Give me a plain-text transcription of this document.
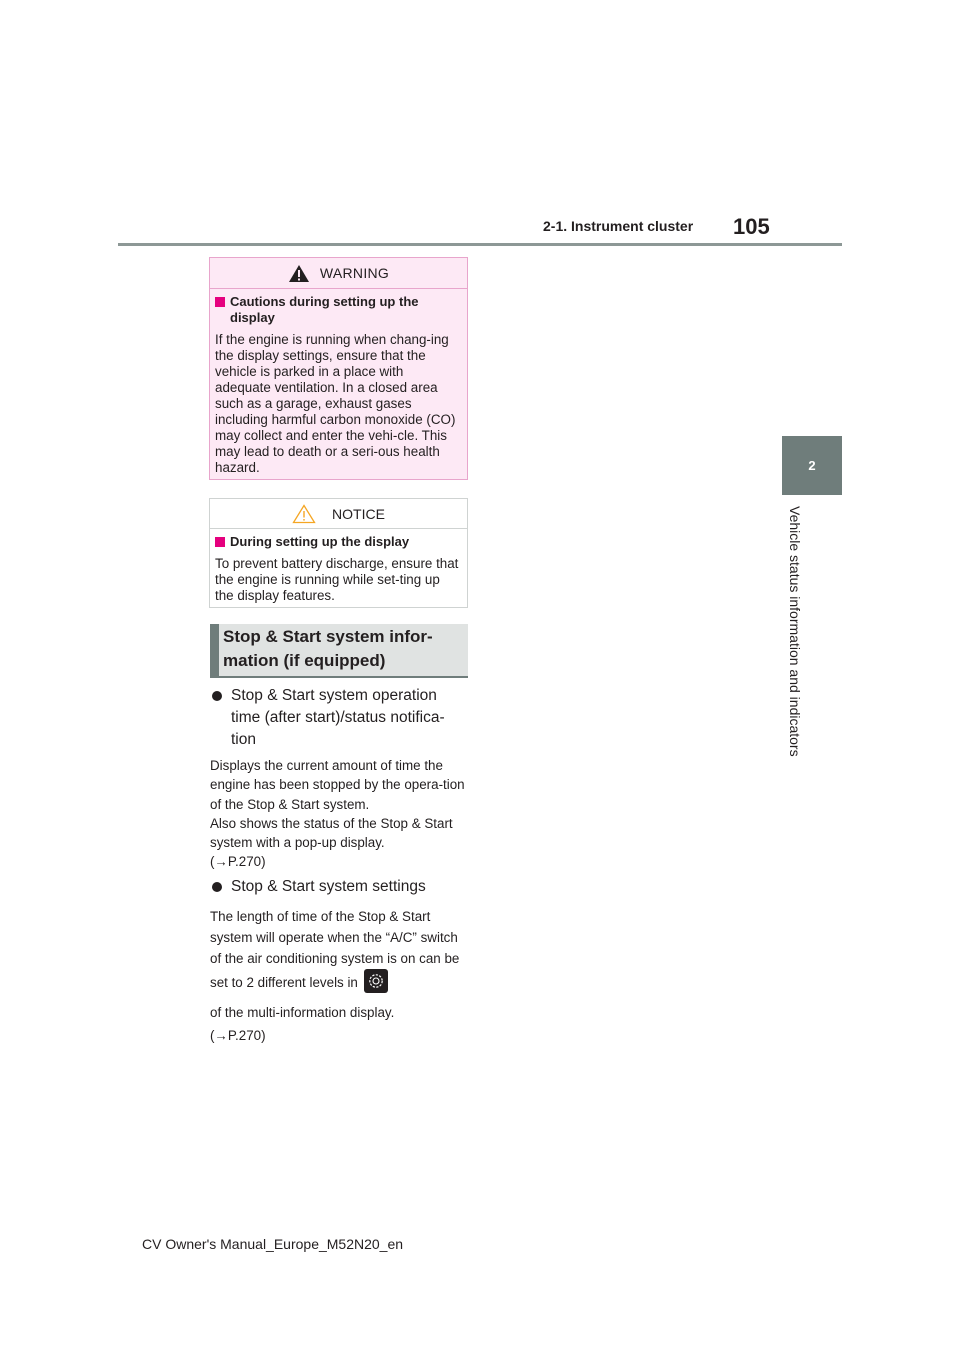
2-1. Instrument cluster 105
2
Vehicle status information and indicators
WARNING
Cautions during setting up the display
If the engine is running when chang-ing the display settings, ensure that the vehicle is parked in a place with adequate ventilation. In a closed area such as a garage, exhaust gases including harmful carbon monoxide (CO) may collect and enter the vehi-cle. This may lead to death or a seri-ous health hazard.
NOTICE
During setting up the display
To prevent battery discharge, ensure that the engine is running while set-ting up the display features.
Stop & Start system infor-mation (if equipped)
Stop & Start system operation time (after start)/status notifica-tion
Displays the current amount of time the engine has been stopped by the opera-tion of the Stop & Start system.
Also shows the status of the Stop & Start system with a pop-up display.
(→P.270)
Stop & Start system settings
The length of time of the Stop & Start system will operate when the “A/C” switch of the air conditioning system is on can be set to 2 different levels in
of the multi-information display.
(→P.270)
CV Owner's Manual_Europe_M52N20_en
